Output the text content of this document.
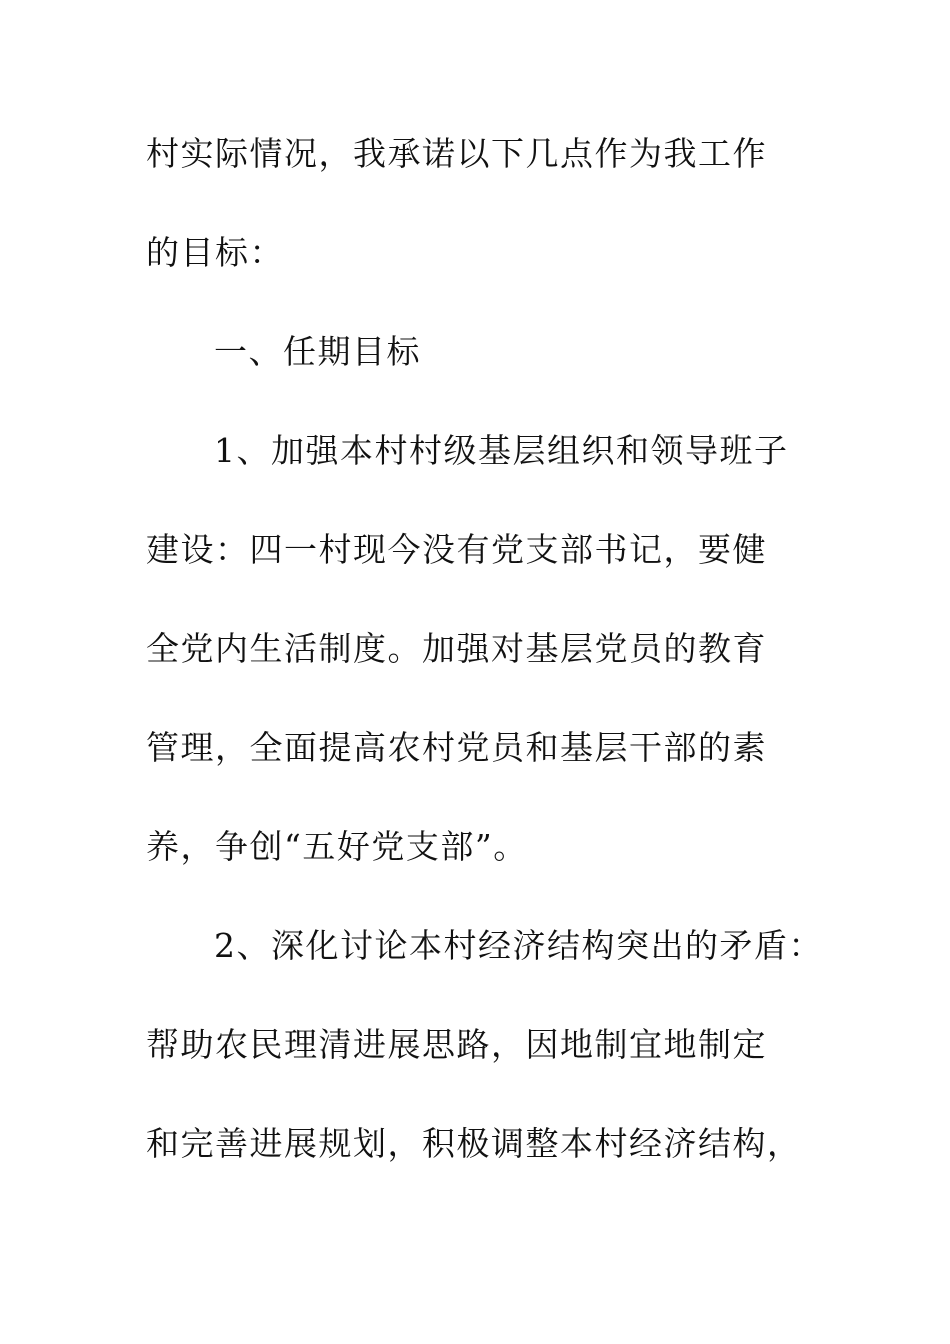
村实际情况，我承诺以下几点作为我工作
的目标：
一、任期目标
1、加强本村村级基层组织和领导班子
建设：四一村现今没有党支部书记，要健
全党内生活制度。加强对基层党员的教育
管理，全面提高农村党员和基层干部的素
养，争创“五好党支部”。
2、深化讨论本村经济结构突出的矛盾：
帮助农民理清进展思路，因地制宜地制定
和完善进展规划，积极调整本村经济结构，
